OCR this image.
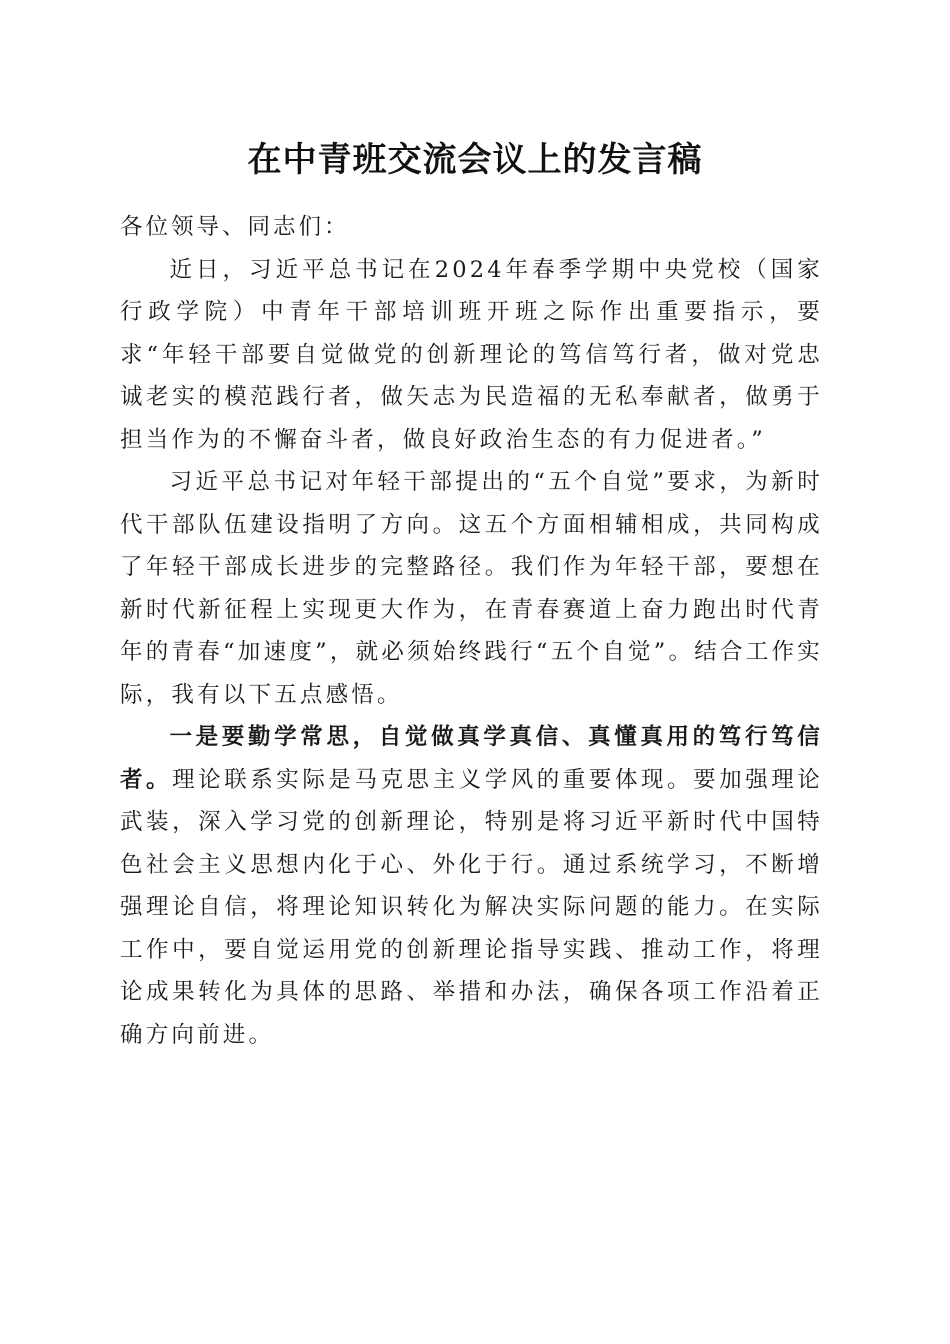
在中青班交流会议上的发言稿

各位领导、同志们：

近日，习近平总书记在2024年春季学期中央党校（国家行政学院）中青年干部培训班开班之际作出重要指示，要求“年轻干部要自觉做党的创新理论的笃信笃行者，做对党忠诚老实的模范践行者，做矢志为民造福的无私奉献者，做勇于担当作为的不懈奋斗者，做良好政治生态的有力促进者。”

习近平总书记对年轻干部提出的“五个自觉”要求，为新时代干部队伍建设指明了方向。这五个方面相辅相成，共同构成了年轻干部成长进步的完整路径。我们作为年轻干部，要想在新时代新征程上实现更大作为，在青春赛道上奋力跑出时代青年的青春“加速度”，就必须始终践行“五个自觉”。结合工作实际，我有以下五点感悟。

一是要勤学常思，自觉做真学真信、真懂真用的笃行笃信者。理论联系实际是马克思主义学风的重要体现。要加强理论武装，深入学习党的创新理论，特别是将习近平新时代中国特色社会主义思想内化于心、外化于行。通过系统学习，不断增强理论自信，将理论知识转化为解决实际问题的能力。在实际工作中，要自觉运用党的创新理论指导实践、推动工作，将理论成果转化为具体的思路、举措和办法，确保各项工作沿着正确方向前进。
